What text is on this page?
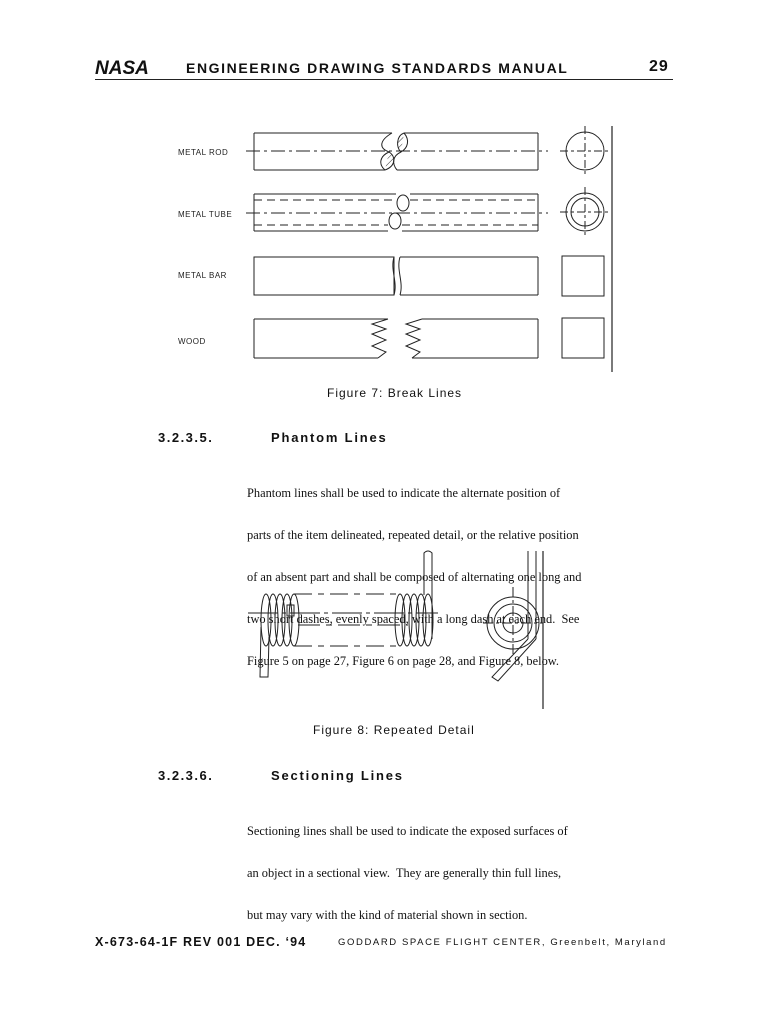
NASA	ENGINEERING DRAWING STANDARDS MANUAL	29
METAL ROD
METAL TUBE
METAL BAR
WOOD
Figure 7: Break Lines
3.2.3.5.	Phantom Lines

Phantom lines shall be used to indicate the alternate position of

parts of the item delineated, repeated detail, or the relative position

of an absent part and shall be composed of alternating one long and

two short dashes, evenly spaced, with a long dash at each end.  See

Figure 5 on page 27, Figure 6 on page 28, and Figure 8, below.

Figure 8: Repeated Detail
3.2.3.6.	Sectioning Lines

Sectioning lines shall be used to indicate the exposed surfaces of

an object in a sectional view.  They are generally thin full lines,

but may vary with the kind of material shown in section.

X-673-64-1F REV 001 DEC. ‘94	GODDARD SPACE FLIGHT CENTER, Greenbelt, Maryland
